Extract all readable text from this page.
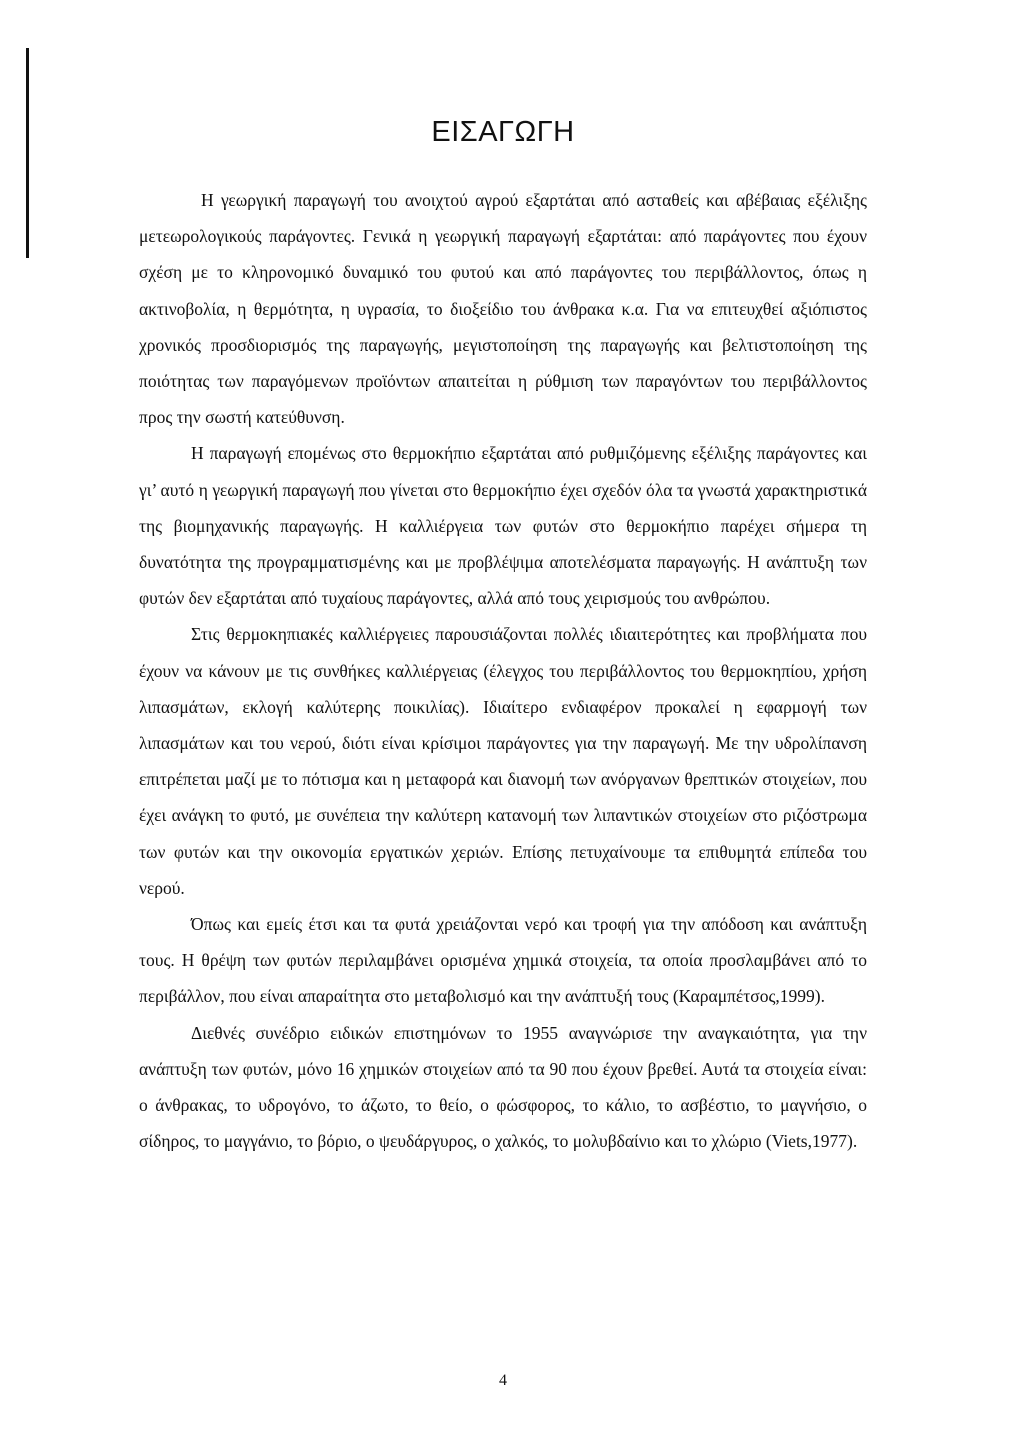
ΕΙΣΑΓΩΓΗ

Η γεωργική παραγωγή του ανοιχτού αγρού εξαρτάται από ασταθείς και αβέβαιας εξέλιξης μετεωρολογικούς παράγοντες. Γενικά η γεωργική παραγωγή εξαρτάται: από παράγοντες που έχουν σχέση με το κληρονομικό δυναμικό του φυτού και από παράγοντες του περιβάλλοντος, όπως η ακτινοβολία, η θερμότητα, η υγρασία, το διοξείδιο του άνθρακα κ.α. Για να επιτευχθεί αξιόπιστος χρονικός προσδιορισμός της παραγωγής, μεγιστοποίηση της παραγωγής και βελτιστοποίηση της ποιότητας των παραγόμενων προϊόντων απαιτείται η ρύθμιση των παραγόντων του περιβάλλοντος προς την σωστή κατεύθυνση.

Η παραγωγή επομένως στο θερμοκήπιο εξαρτάται από ρυθμιζόμενης εξέλιξης παράγοντες και γι’ αυτό η γεωργική παραγωγή που γίνεται στο θερμοκήπιο έχει σχεδόν όλα τα γνωστά χαρακτηριστικά της βιομηχανικής παραγωγής. Η καλλιέργεια των φυτών στο θερμοκήπιο παρέχει σήμερα τη δυνατότητα της προγραμματισμένης και με προβλέψιμα αποτελέσματα παραγωγής. Η ανάπτυξη των φυτών δεν εξαρτάται από τυχαίους παράγοντες, αλλά από τους χειρισμούς του ανθρώπου.

Στις θερμοκηπιακές καλλιέργειες παρουσιάζονται πολλές ιδιαιτερότητες και προβλήματα που έχουν να κάνουν με τις συνθήκες καλλιέργειας (έλεγχος του περιβάλλοντος του θερμοκηπίου, χρήση λιπασμάτων, εκλογή καλύτερης ποικιλίας). Ιδιαίτερο ενδιαφέρον προκαλεί η εφαρμογή των λιπασμάτων και του νερού, διότι είναι κρίσιμοι παράγοντες για την παραγωγή. Με την υδρολίπανση επιτρέπεται μαζί με το πότισμα και η μεταφορά και διανομή των ανόργανων θρεπτικών στοιχείων, που έχει ανάγκη το φυτό, με συνέπεια την καλύτερη κατανομή των λιπαντικών στοιχείων στο ριζόστρωμα των φυτών και την οικονομία εργατικών χεριών. Επίσης πετυχαίνουμε τα επιθυμητά επίπεδα του νερού.

Όπως και εμείς έτσι και τα φυτά χρειάζονται νερό και τροφή για την απόδοση και ανάπτυξη τους. Η θρέψη των φυτών περιλαμβάνει ορισμένα χημικά στοιχεία, τα οποία προσλαμβάνει από το περιβάλλον, που είναι απαραίτητα στο μεταβολισμό και την ανάπτυξή τους (Καραμπέτσος,1999).

Διεθνές συνέδριο ειδικών επιστημόνων το 1955 αναγνώρισε την αναγκαιότητα, για την ανάπτυξη των φυτών, μόνο 16 χημικών στοιχείων από τα 90 που έχουν βρεθεί. Αυτά τα στοιχεία είναι: ο άνθρακας, το υδρογόνο, το άζωτο, το θείο, ο φώσφορος, το κάλιο, το ασβέστιο, το μαγνήσιο, ο σίδηρος, το μαγγάνιο, το βόριο, ο ψευδάργυρος, ο χαλκός, το μολυβδαίνιο και το χλώριο (Viets,1977).

4
